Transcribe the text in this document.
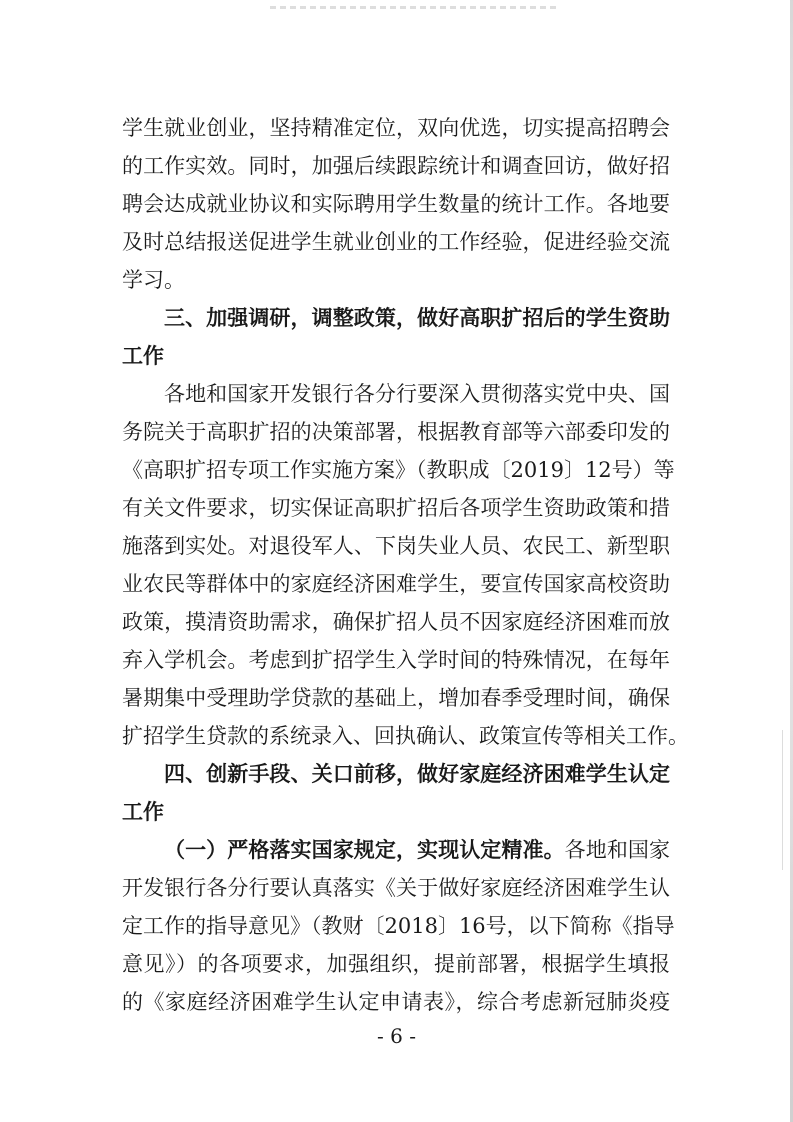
学生就业创业，坚持精准定位，双向优选，切实提高招聘会
的工作实效。同时，加强后续跟踪统计和调查回访，做好招
聘会达成就业协议和实际聘用学生数量的统计工作。各地要
及时总结报送促进学生就业创业的工作经验，促进经验交流
学习。
三、加强调研，调整政策，做好高职扩招后的学生资助
工作
各地和国家开发银行各分行要深入贯彻落实党中央、国
务院关于高职扩招的决策部署，根据教育部等六部委印发的
《高职扩招专项工作实施方案》（教职成〔2019〕12号）等
有关文件要求，切实保证高职扩招后各项学生资助政策和措
施落到实处。对退役军人、下岗失业人员、农民工、新型职
业农民等群体中的家庭经济困难学生，要宣传国家高校资助
政策，摸清资助需求，确保扩招人员不因家庭经济困难而放
弃入学机会。考虑到扩招学生入学时间的特殊情况，在每年
暑期集中受理助学贷款的基础上，增加春季受理时间，确保
扩招学生贷款的系统录入、回执确认、政策宣传等相关工作。
四、创新手段、关口前移，做好家庭经济困难学生认定
工作
（一）严格落实国家规定，实现认定精准。各地和国家
开发银行各分行要认真落实《关于做好家庭经济困难学生认
定工作的指导意见》（教财〔2018〕16号，以下简称《指导
意见》）的各项要求，加强组织，提前部署，根据学生填报
的《家庭经济困难学生认定申请表》，综合考虑新冠肺炎疫
- 6 -
